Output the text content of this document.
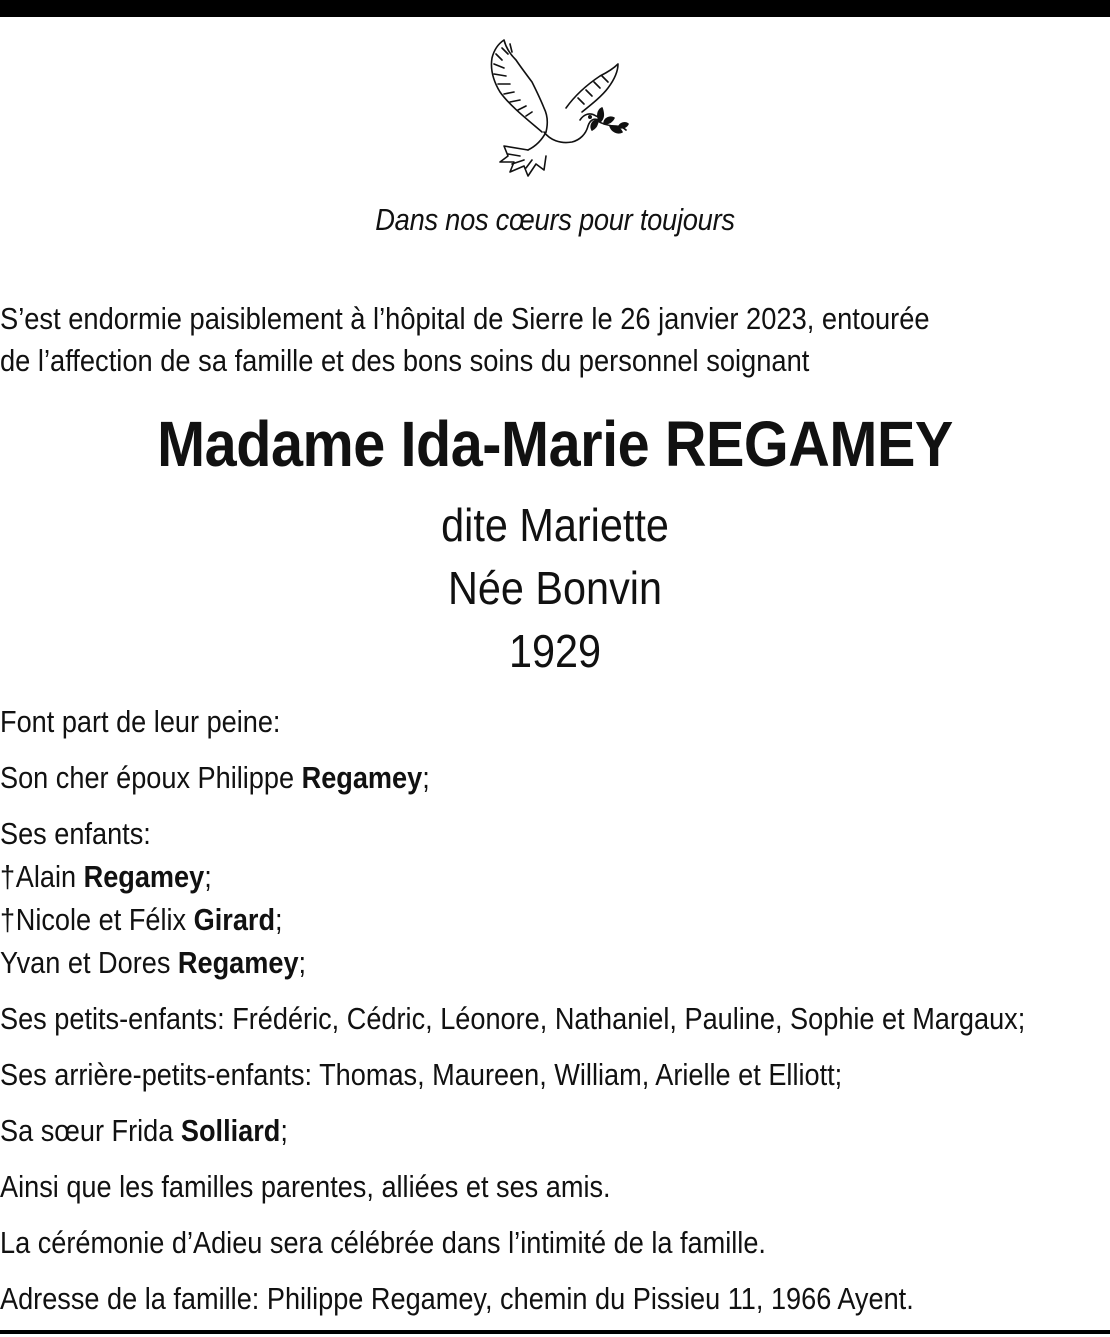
Dans nos cœurs pour toujours
S’est endormie paisiblement à l’hôpital de Sierre le 26 janvier 2023, entourée
de l’affection de sa famille et des bons soins du personnel soignant
Madame Ida-Marie REGAMEY
dite Mariette
Née Bonvin
1929
Font part de leur peine:
Son cher époux Philippe Regamey;
Ses enfants:
†Alain Regamey;
†Nicole et Félix Girard;
Yvan et Dores Regamey;
Ses petits-enfants: Frédéric, Cédric, Léonore, Nathaniel, Pauline, Sophie et Margaux;
Ses arrière-petits-enfants: Thomas, Maureen, William, Arielle et Elliott;
Sa sœur Frida Solliard;
Ainsi que les familles parentes, alliées et ses amis.
La cérémonie d’Adieu sera célébrée dans l’intimité de la famille.
Adresse de la famille: Philippe Regamey, chemin du Pissieu 11, 1966 Ayent.
